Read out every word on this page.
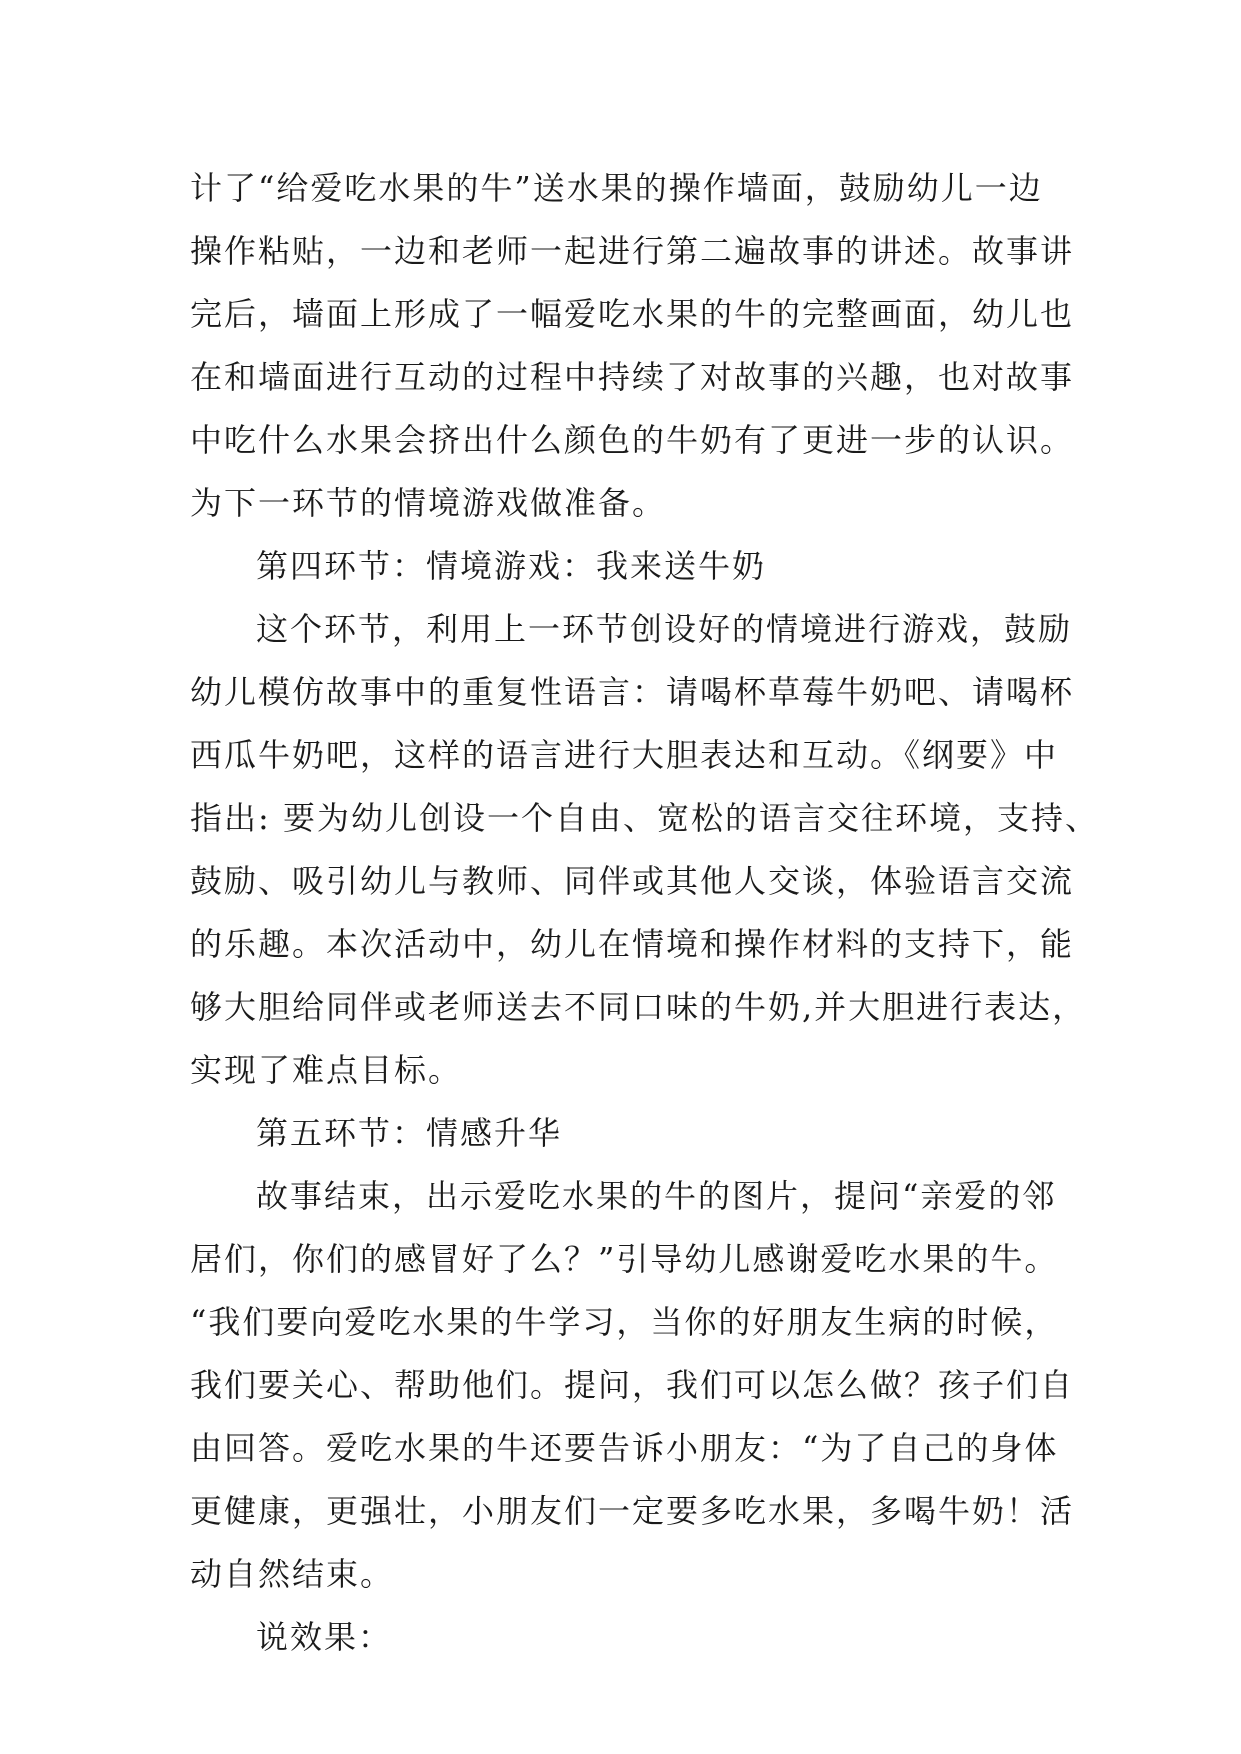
计了“给爱吃水果的牛”送水果的操作墙面，鼓励幼儿一边
操作粘贴，一边和老师一起进行第二遍故事的讲述。故事讲
完后，墙面上形成了一幅爱吃水果的牛的完整画面，幼儿也
在和墙面进行互动的过程中持续了对故事的兴趣，也对故事
中吃什么水果会挤出什么颜色的牛奶有了更进一步的认识。
为下一环节的情境游戏做准备。
第四环节：情境游戏：我来送牛奶
这个环节，利用上一环节创设好的情境进行游戏，鼓励
幼儿模仿故事中的重复性语言：请喝杯草莓牛奶吧、请喝杯
西瓜牛奶吧，这样的语言进行大胆表达和互动。《纲要》中
指出: 要为幼儿创设一个自由、宽松的语言交往环境，支持、
鼓励、吸引幼儿与教师、同伴或其他人交谈，体验语言交流
的乐趣。本次活动中，幼儿在情境和操作材料的支持下，能
够大胆给同伴或老师送去不同口味的牛奶,并大胆进行表达，
实现了难点目标。
第五环节：情感升华
故事结束，出示爱吃水果的牛的图片，提问“亲爱的邻
居们，你们的感冒好了么？”引导幼儿感谢爱吃水果的牛。
“我们要向爱吃水果的牛学习，当你的好朋友生病的时候，
我们要关心、帮助他们。提问，我们可以怎么做？孩子们自
由回答。爱吃水果的牛还要告诉小朋友：“为了自己的身体
更健康，更强壮，小朋友们一定要多吃水果，多喝牛奶！活
动自然结束。
说效果：
